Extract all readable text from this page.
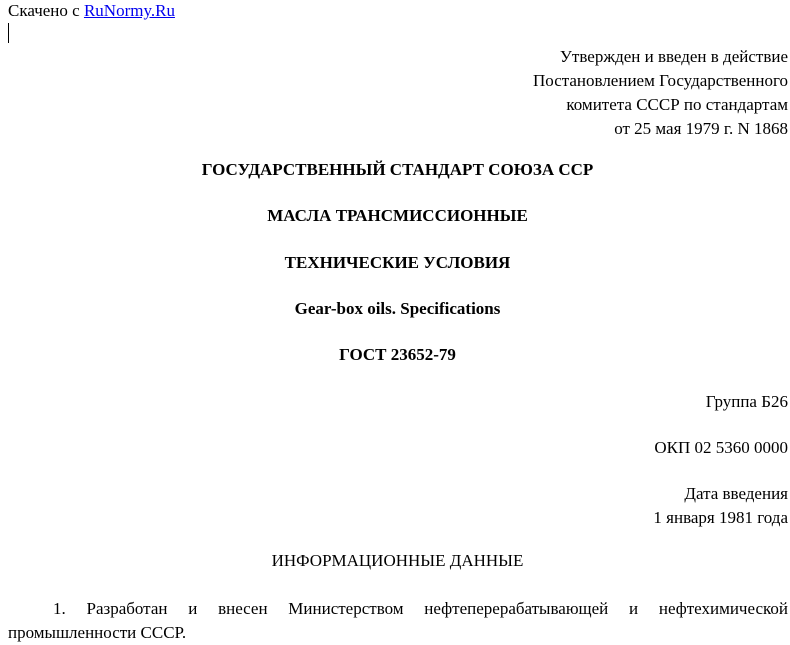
Скачено с RuNormy.Ru
Утвержден и введен в действие
Постановлением Государственного
комитета СССР по стандартам
от 25 мая 1979 г. N 1868
ГОСУДАРСТВЕННЫЙ СТАНДАРТ СОЮЗА ССР
МАСЛА ТРАНСМИССИОННЫЕ
ТЕХНИЧЕСКИЕ УСЛОВИЯ
Gear-box oils. Specifications
ГОСТ 23652-79
Группа Б26
ОКП 02 5360 0000
Дата введения
1 января 1981 года
ИНФОРМАЦИОННЫЕ ДАННЫЕ
1. Разработан и внесен Министерством нефтеперерабатывающей и нефтехимической
промышленности СССР.
